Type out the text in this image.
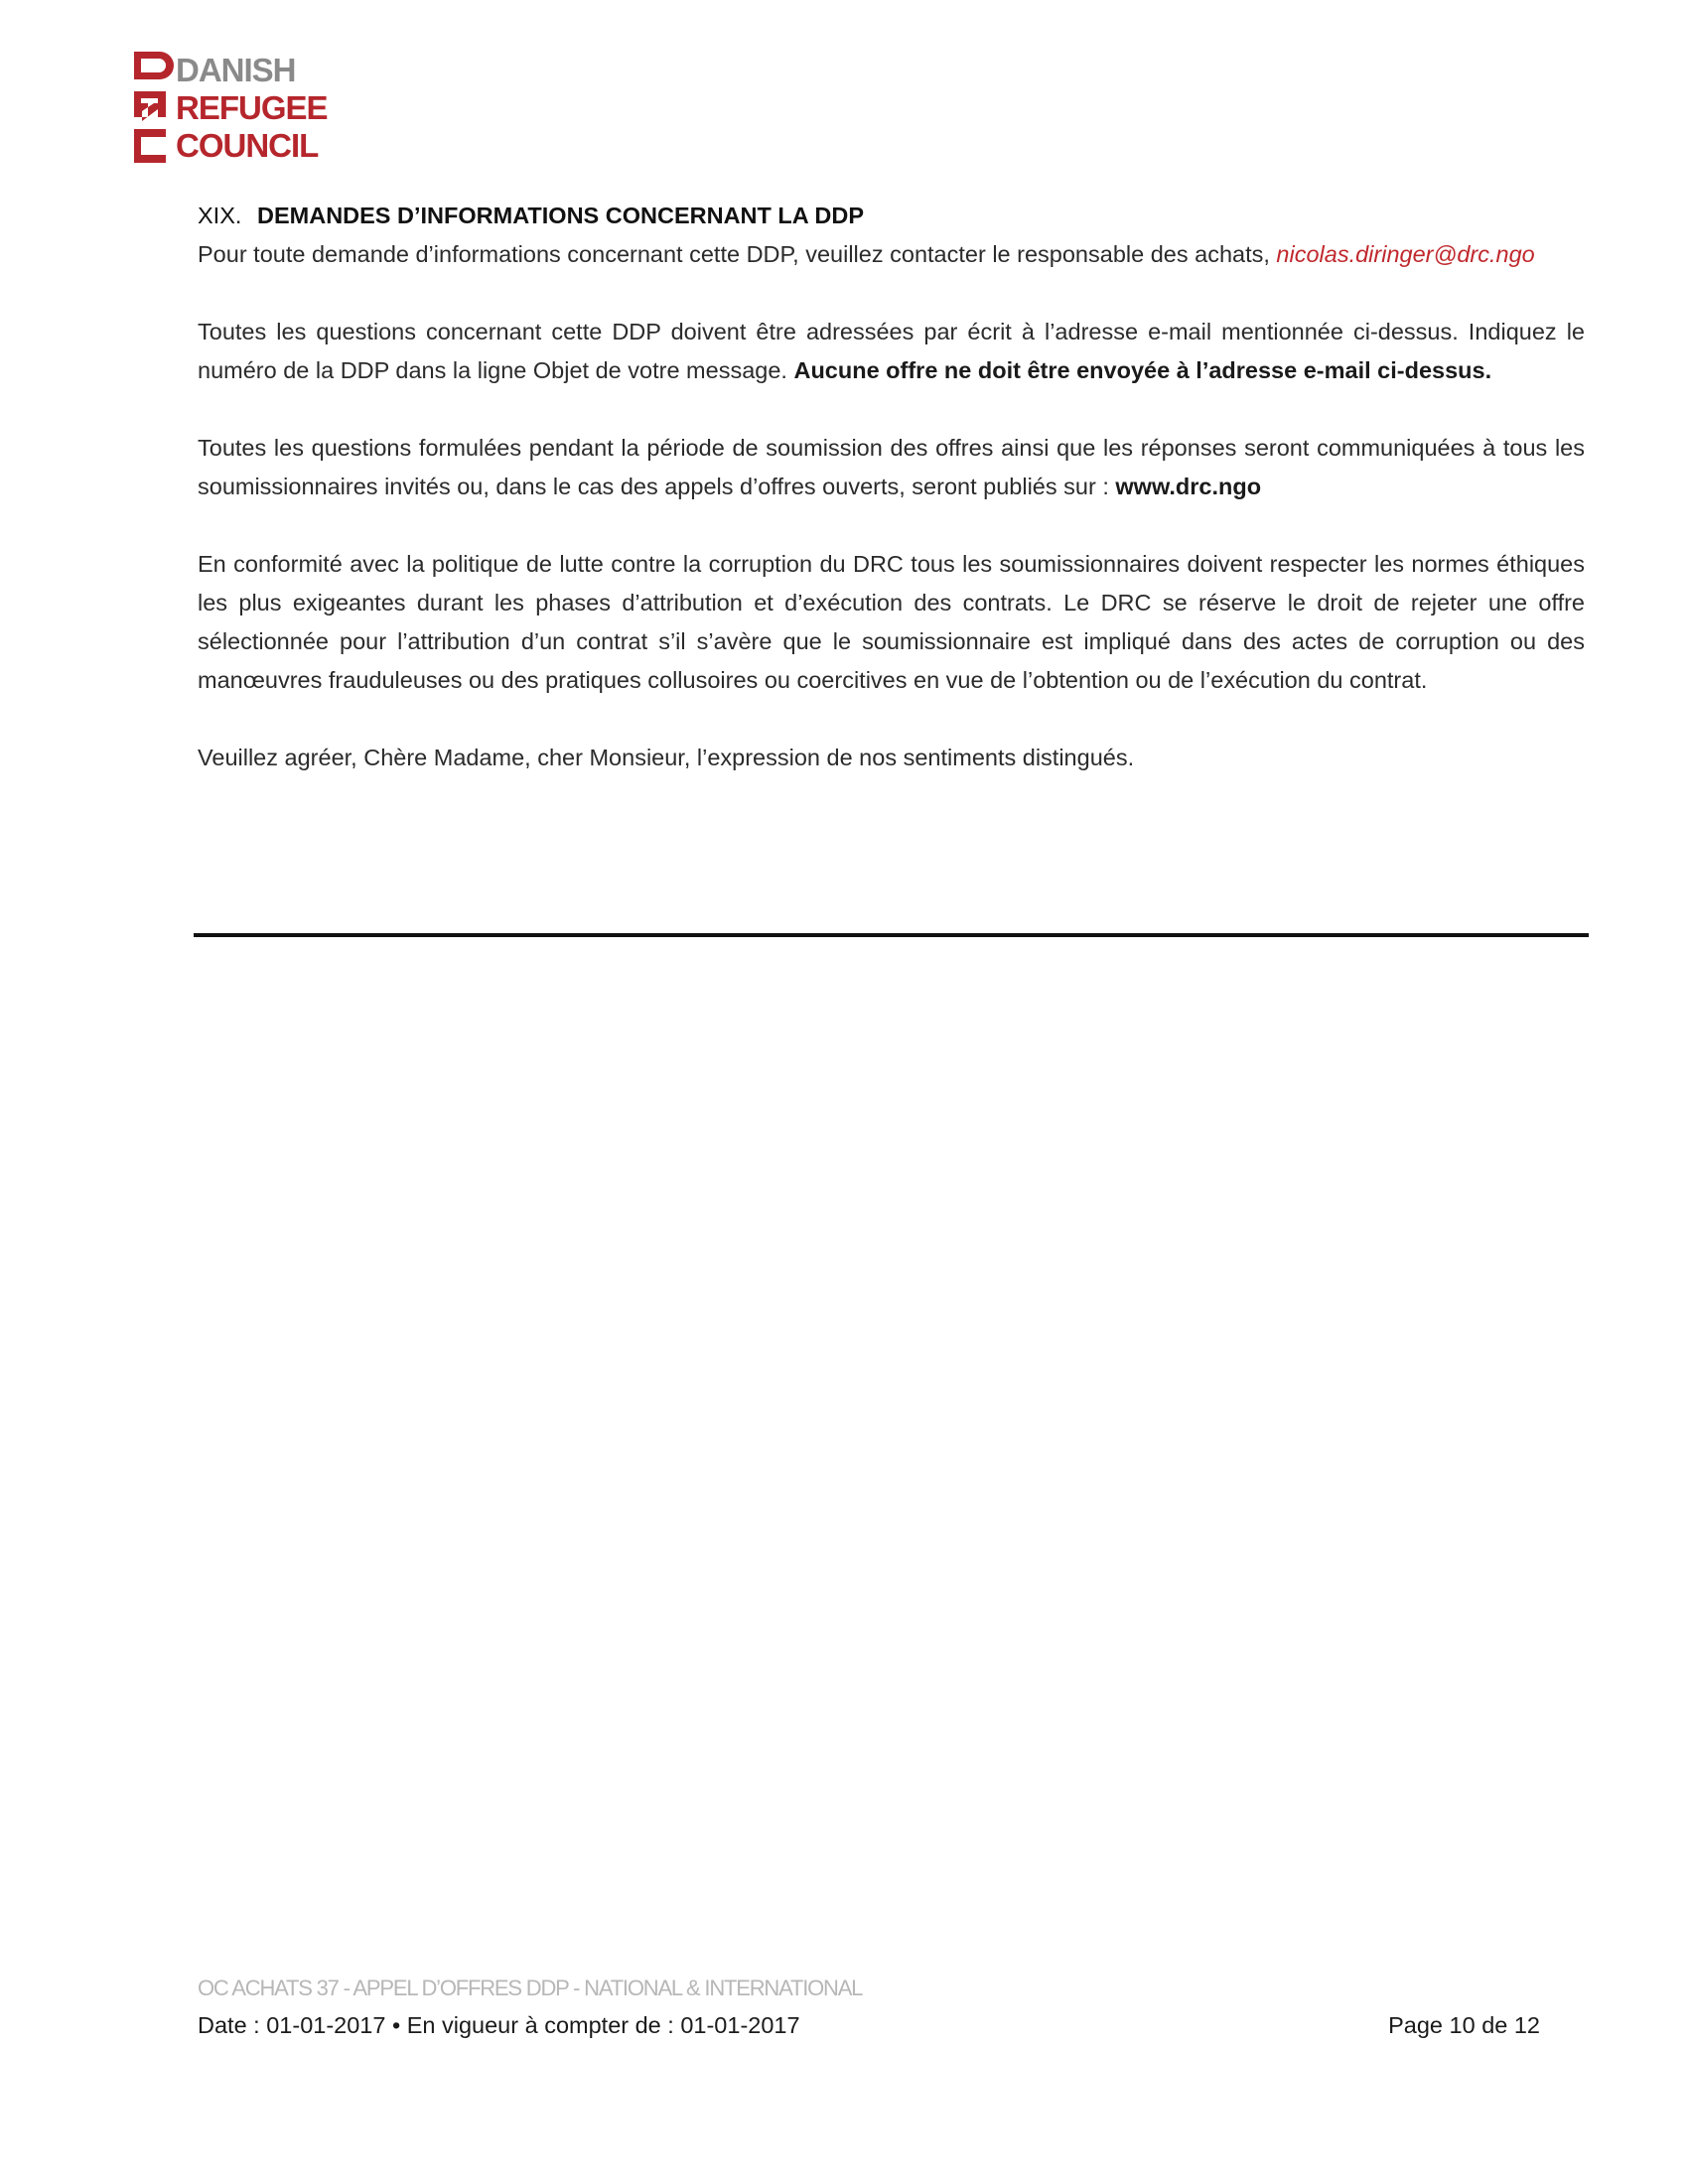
DANISH
REFUGEE
COUNCIL
XIX. DEMANDES D’INFORMATIONS CONCERNANT LA DDP

Pour toute demande d’informations concernant cette DDP, veuillez contacter le responsable des achats, nicolas.diringer@drc.ngo

Toutes les questions concernant cette DDP doivent être adressées par écrit à l’adresse e-mail mentionnée ci-dessus. Indiquez le numéro de la DDP dans la ligne Objet de votre message. Aucune offre ne doit être envoyée à l’adresse e-mail ci-dessus.

Toutes les questions formulées pendant la période de soumission des offres ainsi que les réponses seront communiquées à tous les soumissionnaires invités ou, dans le cas des appels d’offres ouverts, seront publiés sur : www.drc.ngo

En conformité avec la politique de lutte contre la corruption du DRC tous les soumissionnaires doivent respecter les normes éthiques les plus exigeantes durant les phases d’attribution et d’exécution des contrats. Le DRC se réserve le droit de rejeter une offre sélectionnée pour l’attribution d’un contrat s’il s’avère que le soumissionnaire est impliqué dans des actes de corruption ou des manœuvres frauduleuses ou des pratiques collusoires ou coercitives en vue de l’obtention ou de l’exécution du contrat.

Veuillez agréer, Chère Madame, cher Monsieur, l’expression de nos sentiments distingués.

OC ACHATS 37 - APPEL D’OFFRES DDP - NATIONAL & INTERNATIONAL
Date : 01-01-2017 • En vigueur à compter de : 01-01-2017	Page 10 de 12
